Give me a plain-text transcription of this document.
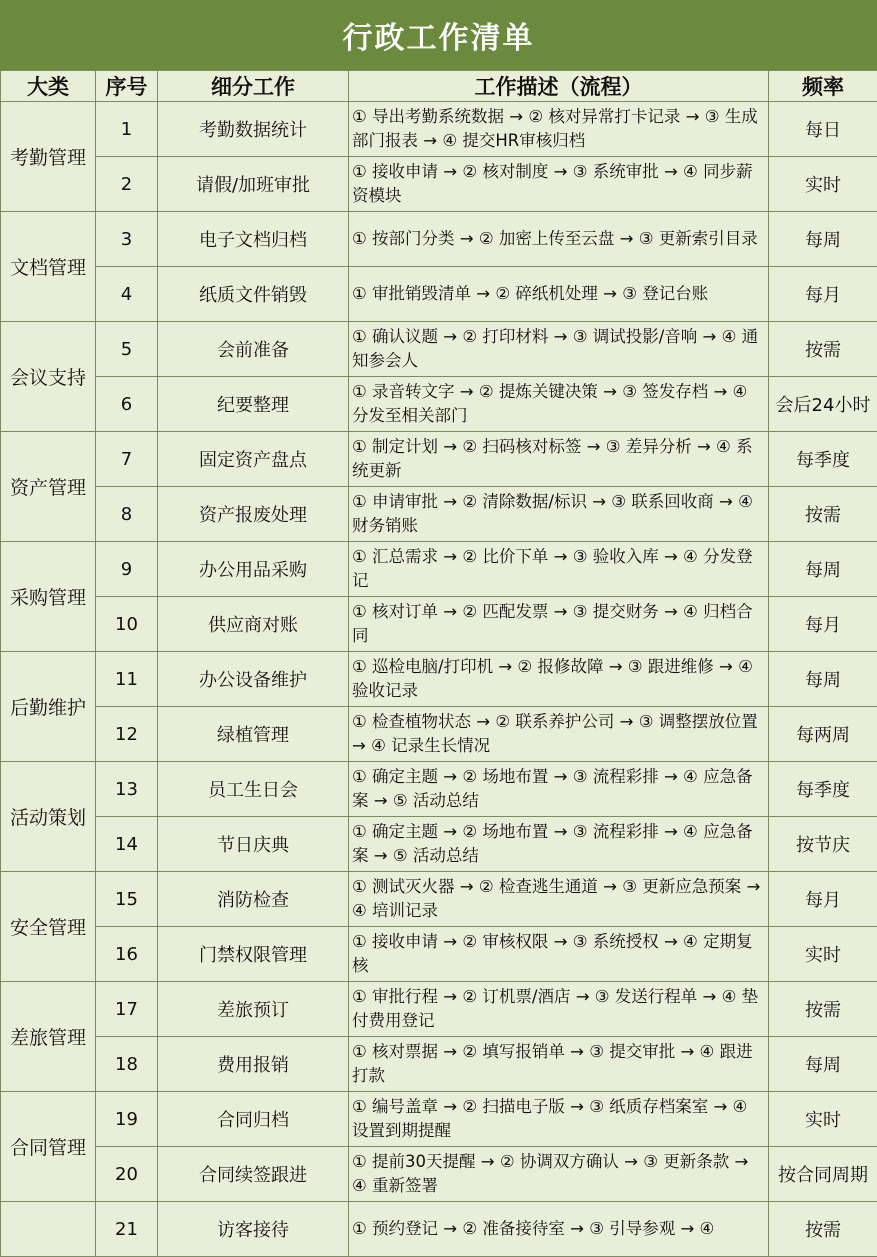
行政工作清单
大类	序号	细分工作	工作描述（流程）	频率
考勤管理	1	考勤数据统计	① 导出考勤系统数据 → ② 核对异常打卡记录 → ③ 生成部门报表 → ④ 提交HR审核归档	每日
	2	请假/加班审批	① 接收申请 → ② 核对制度 → ③ 系统审批 → ④ 同步薪资模块	实时
文档管理	3	电子文档归档	① 按部门分类 → ② 加密上传至云盘 → ③ 更新索引目录	每周
	4	纸质文件销毁	① 审批销毁清单 → ② 碎纸机处理 → ③ 登记台账	每月
会议支持	5	会前准备	① 确认议题 → ② 打印材料 → ③ 调试投影/音响 → ④ 通知参会人	按需
	6	纪要整理	① 录音转文字 → ② 提炼关键决策 → ③ 签发存档 → ④ 分发至相关部门	会后24小时
资产管理	7	固定资产盘点	① 制定计划 → ② 扫码核对标签 → ③ 差异分析 → ④ 系统更新	每季度
	8	资产报废处理	① 申请审批 → ② 清除数据/标识 → ③ 联系回收商 → ④ 财务销账	按需
采购管理	9	办公用品采购	① 汇总需求 → ② 比价下单 → ③ 验收入库 → ④ 分发登记	每周
	10	供应商对账	① 核对订单 → ② 匹配发票 → ③ 提交财务 → ④ 归档合同	每月
后勤维护	11	办公设备维护	① 巡检电脑/打印机 → ② 报修故障 → ③ 跟进维修 → ④ 验收记录	每周
	12	绿植管理	① 检查植物状态 → ② 联系养护公司 → ③ 调整摆放位置 → ④ 记录生长情况	每两周
活动策划	13	员工生日会	① 确定主题 → ② 场地布置 → ③ 流程彩排 → ④ 应急备案 → ⑤ 活动总结	每季度
	14	节日庆典	① 确定主题 → ② 场地布置 → ③ 流程彩排 → ④ 应急备案 → ⑤ 活动总结	按节庆
安全管理	15	消防检查	① 测试灭火器 → ② 检查逃生通道 → ③ 更新应急预案 → ④ 培训记录	每月
	16	门禁权限管理	① 接收申请 → ② 审核权限 → ③ 系统授权 → ④ 定期复核	实时
差旅管理	17	差旅预订	① 审批行程 → ② 订机票/酒店 → ③ 发送行程单 → ④ 垫付费用登记	按需
	18	费用报销	① 核对票据 → ② 填写报销单 → ③ 提交审批 → ④ 跟进打款	每周
合同管理	19	合同归档	① 编号盖章 → ② 扫描电子版 → ③ 纸质存档案室 → ④ 设置到期提醒	实时
	20	合同续签跟进	① 提前30天提醒 → ② 协调双方确认 → ③ 更新条款 → ④ 重新签署	按合同周期
	21	访客接待	① 预约登记 → ② 准备接待室 → ③ 引导参观 → ④	按需
